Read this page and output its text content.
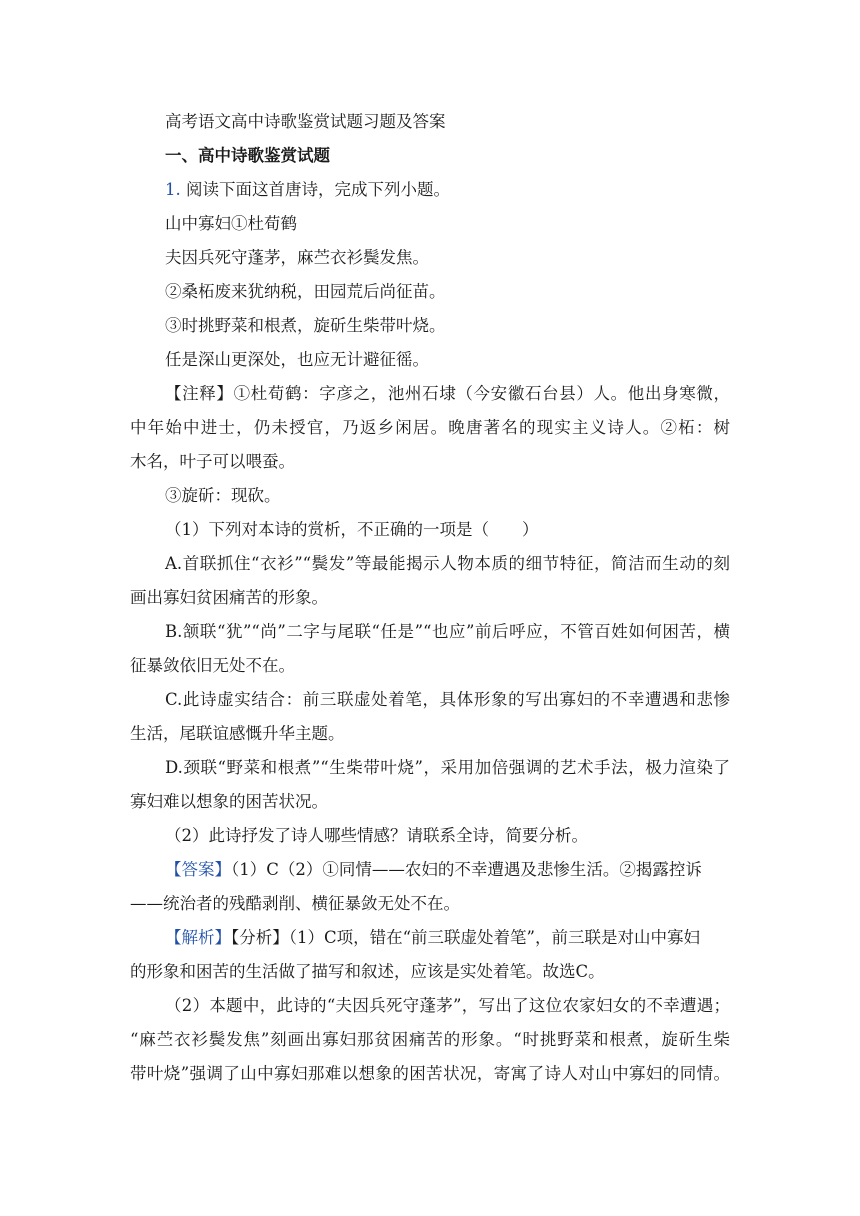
高考语文高中诗歌鉴赏试题习题及答案
一、高中诗歌鉴赏试题
1. 阅读下面这首唐诗，完成下列小题。
山中寡妇①杜荀鹤
夫因兵死守蓬茅，麻苎衣衫鬓发焦。
②桑柘废来犹纳税，田园荒后尚征苗。
③时挑野菜和根煮，旋斫生柴带叶烧。
任是深山更深处，也应无计避征徭。
【注释】①杜荀鹤：字彦之，池州石埭（今安徽石台县）人。他出身寒微，
中年始中进士，仍未授官，乃返乡闲居。晚唐著名的现实主义诗人。②柘：树
木名，叶子可以喂蚕。
③旋斫：现砍。
（1）下列对本诗的赏析，不正确的一项是（　　）
A.首联抓住“衣衫”“鬓发”等最能揭示人物本质的细节特征，简洁而生动的刻
画出寡妇贫困痛苦的形象。
B.颔联“犹”“尚”二字与尾联“任是”“也应”前后呼应，不管百姓如何困苦，横
征暴敛依旧无处不在。
C.此诗虚实结合：前三联虚处着笔，具体形象的写出寡妇的不幸遭遇和悲惨
生活，尾联谊感慨升华主题。
D.颈联“野菜和根煮”“生柴带叶烧”，采用加倍强调的艺术手法，极力渲染了
寡妇难以想象的困苦状况。
（2）此诗抒发了诗人哪些情感？请联系全诗，简要分析。
【答案】（1）C（2）①同情——农妇的不幸遭遇及悲惨生活。②揭露控诉
——统治者的残酷剥削、横征暴敛无处不在。
【解析】【分析】（1）C项，错在“前三联虚处着笔”，前三联是对山中寡妇
的形象和困苦的生活做了描写和叙述，应该是实处着笔。故选C。
（2）本题中，此诗的“夫因兵死守蓬茅”，写出了这位农家妇女的不幸遭遇；
“麻苎衣衫鬓发焦”刻画出寡妇那贫困痛苦的形象。“时挑野菜和根煮，旋斫生柴
带叶烧”强调了山中寡妇那难以想象的困苦状况，寄寓了诗人对山中寡妇的同情。
